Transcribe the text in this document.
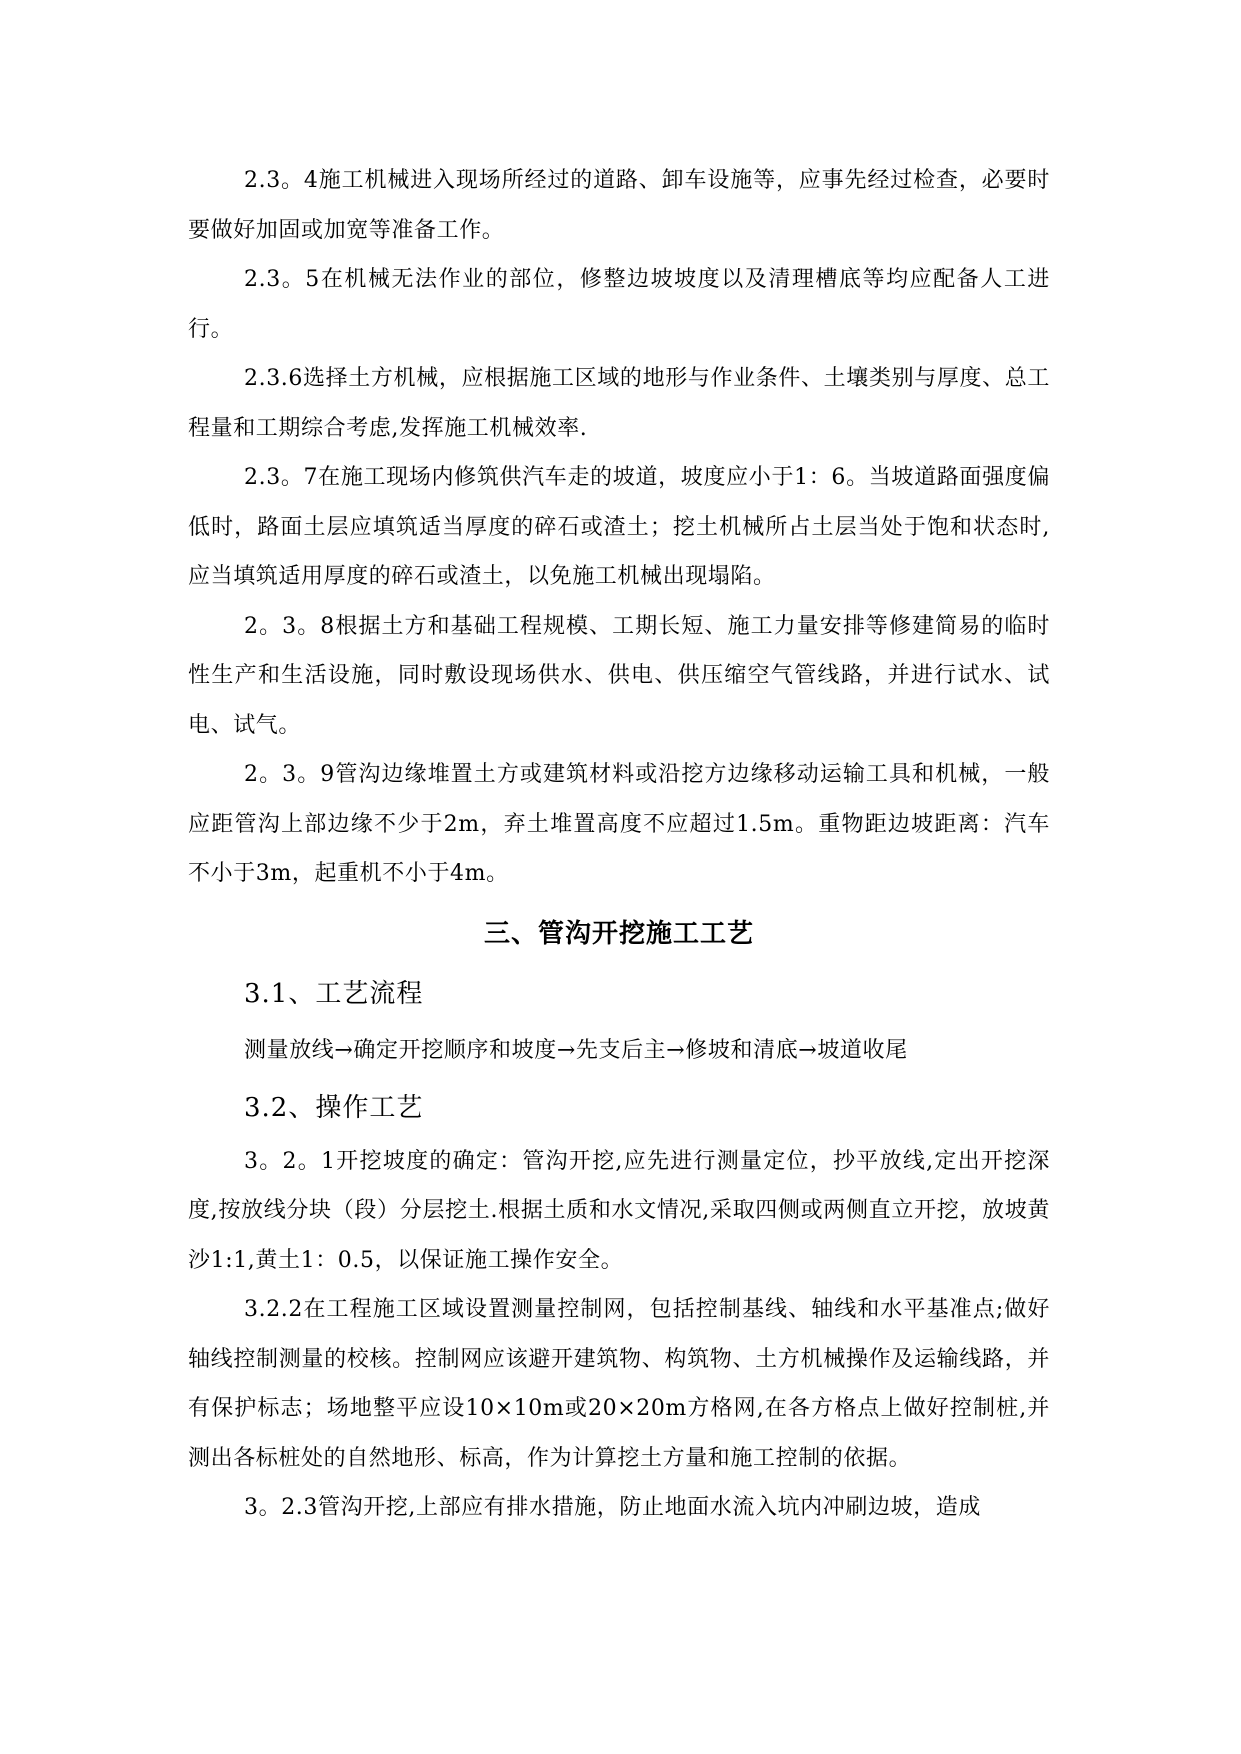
2.3。4施工机械进入现场所经过的道路、卸车设施等，应事先经过检查，必要时要做好加固或加宽等准备工作。

2.3。5在机械无法作业的部位，修整边坡坡度以及清理槽底等均应配备人工进行。

2.3.6选择土方机械，应根据施工区域的地形与作业条件、土壤类别与厚度、总工程量和工期综合考虑,发挥施工机械效率.

2.3。7在施工现场内修筑供汽车走的坡道，坡度应小于1：6。当坡道路面强度偏低时，路面土层应填筑适当厚度的碎石或渣土；挖土机械所占土层当处于饱和状态时,应当填筑适用厚度的碎石或渣土，以免施工机械出现塌陷。

2。3。8根据土方和基础工程规模、工期长短、施工力量安排等修建简易的临时性生产和生活设施，同时敷设现场供水、供电、供压缩空气管线路，并进行试水、试电、试气。

2。3。9管沟边缘堆置土方或建筑材料或沿挖方边缘移动运输工具和机械，一般应距管沟上部边缘不少于2m，弃土堆置高度不应超过1.5m。重物距边坡距离：汽车不小于3m，起重机不小于4m。

三、管沟开挖施工工艺

3.1、工艺流程

测量放线→确定开挖顺序和坡度→先支后主→修坡和清底→坡道收尾

3.2、操作工艺

3。2。1开挖坡度的确定：管沟开挖,应先进行测量定位，抄平放线,定出开挖深度,按放线分块（段）分层挖土.根据土质和水文情况,采取四侧或两侧直立开挖，放坡黄沙1:1,黄土1：0.5，以保证施工操作安全。

3.2.2在工程施工区域设置测量控制网，包括控制基线、轴线和水平基准点;做好轴线控制测量的校核。控制网应该避开建筑物、构筑物、土方机械操作及运输线路，并有保护标志；场地整平应设10×10m或20×20m方格网,在各方格点上做好控制桩,并测出各标桩处的自然地形、标高，作为计算挖土方量和施工控制的依据。

3。2.3管沟开挖,上部应有排水措施，防止地面水流入坑内冲刷边坡，造成
